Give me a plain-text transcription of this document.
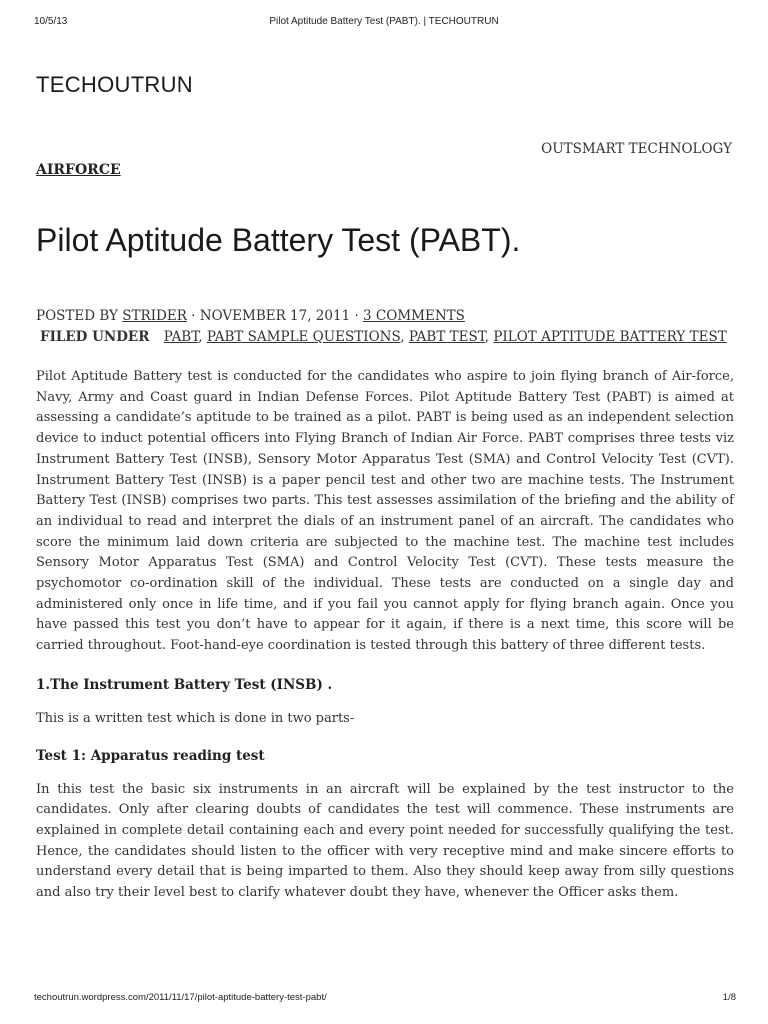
10/5/13	Pilot Aptitude Battery Test (PABT). | TECHOUTRUN
TECHOUTRUN
OUTSMART TECHNOLOGY
AIRFORCE
Pilot Aptitude Battery Test (PABT).
POSTED BY STRIDER · NOVEMBER 17, 2011 · 3 COMMENTS
FILED UNDER PABT, PABT SAMPLE QUESTIONS, PABT TEST, PILOT APTITUDE BATTERY TEST

Pilot Aptitude Battery test is conducted for the candidates who aspire to join flying branch of Air-force, Navy, Army and Coast guard in Indian Defense Forces. Pilot Aptitude Battery Test (PABT) is aimed at assessing a candidate’s aptitude to be trained as a pilot. PABT is being used as an independent selection device to induct potential officers into Flying Branch of Indian Air Force. PABT comprises three tests viz Instrument Battery Test (INSB), Sensory Motor Apparatus Test (SMA) and Control Velocity Test (CVT). Instrument Battery Test (INSB) is a paper pencil test and other two are machine tests. The Instrument Battery Test (INSB) comprises two parts. This test assesses assimilation of the briefing and the ability of an individual to read and interpret the dials of an instrument panel of an aircraft. The candidates who score the minimum laid down criteria are subjected to the machine test. The machine test includes Sensory Motor Apparatus Test (SMA) and Control Velocity Test (CVT). These tests measure the psychomotor co-ordination skill of the individual. These tests are conducted on a single day and administered only once in life time, and if you fail you cannot apply for flying branch again. Once you have passed this test you don’t have to appear for it again, if there is a next time, this score will be carried throughout. Foot-hand-eye coordination is tested through this battery of three different tests.

1.The Instrument Battery Test (INSB) .

This is a written test which is done in two parts-

Test 1: Apparatus reading test

In this test the basic six instruments in an aircraft will be explained by the test instructor to the candidates. Only after clearing doubts of candidates the test will commence. These instruments are explained in complete detail containing each and every point needed for successfully qualifying the test. Hence, the candidates should listen to the officer with very receptive mind and make sincere efforts to understand every detail that is being imparted to them. Also they should keep away from silly questions and also try their level best to clarify whatever doubt they have, whenever the Officer asks them.

techoutrun.wordpress.com/2011/11/17/pilot-aptitude-battery-test-pabt/	1/8
